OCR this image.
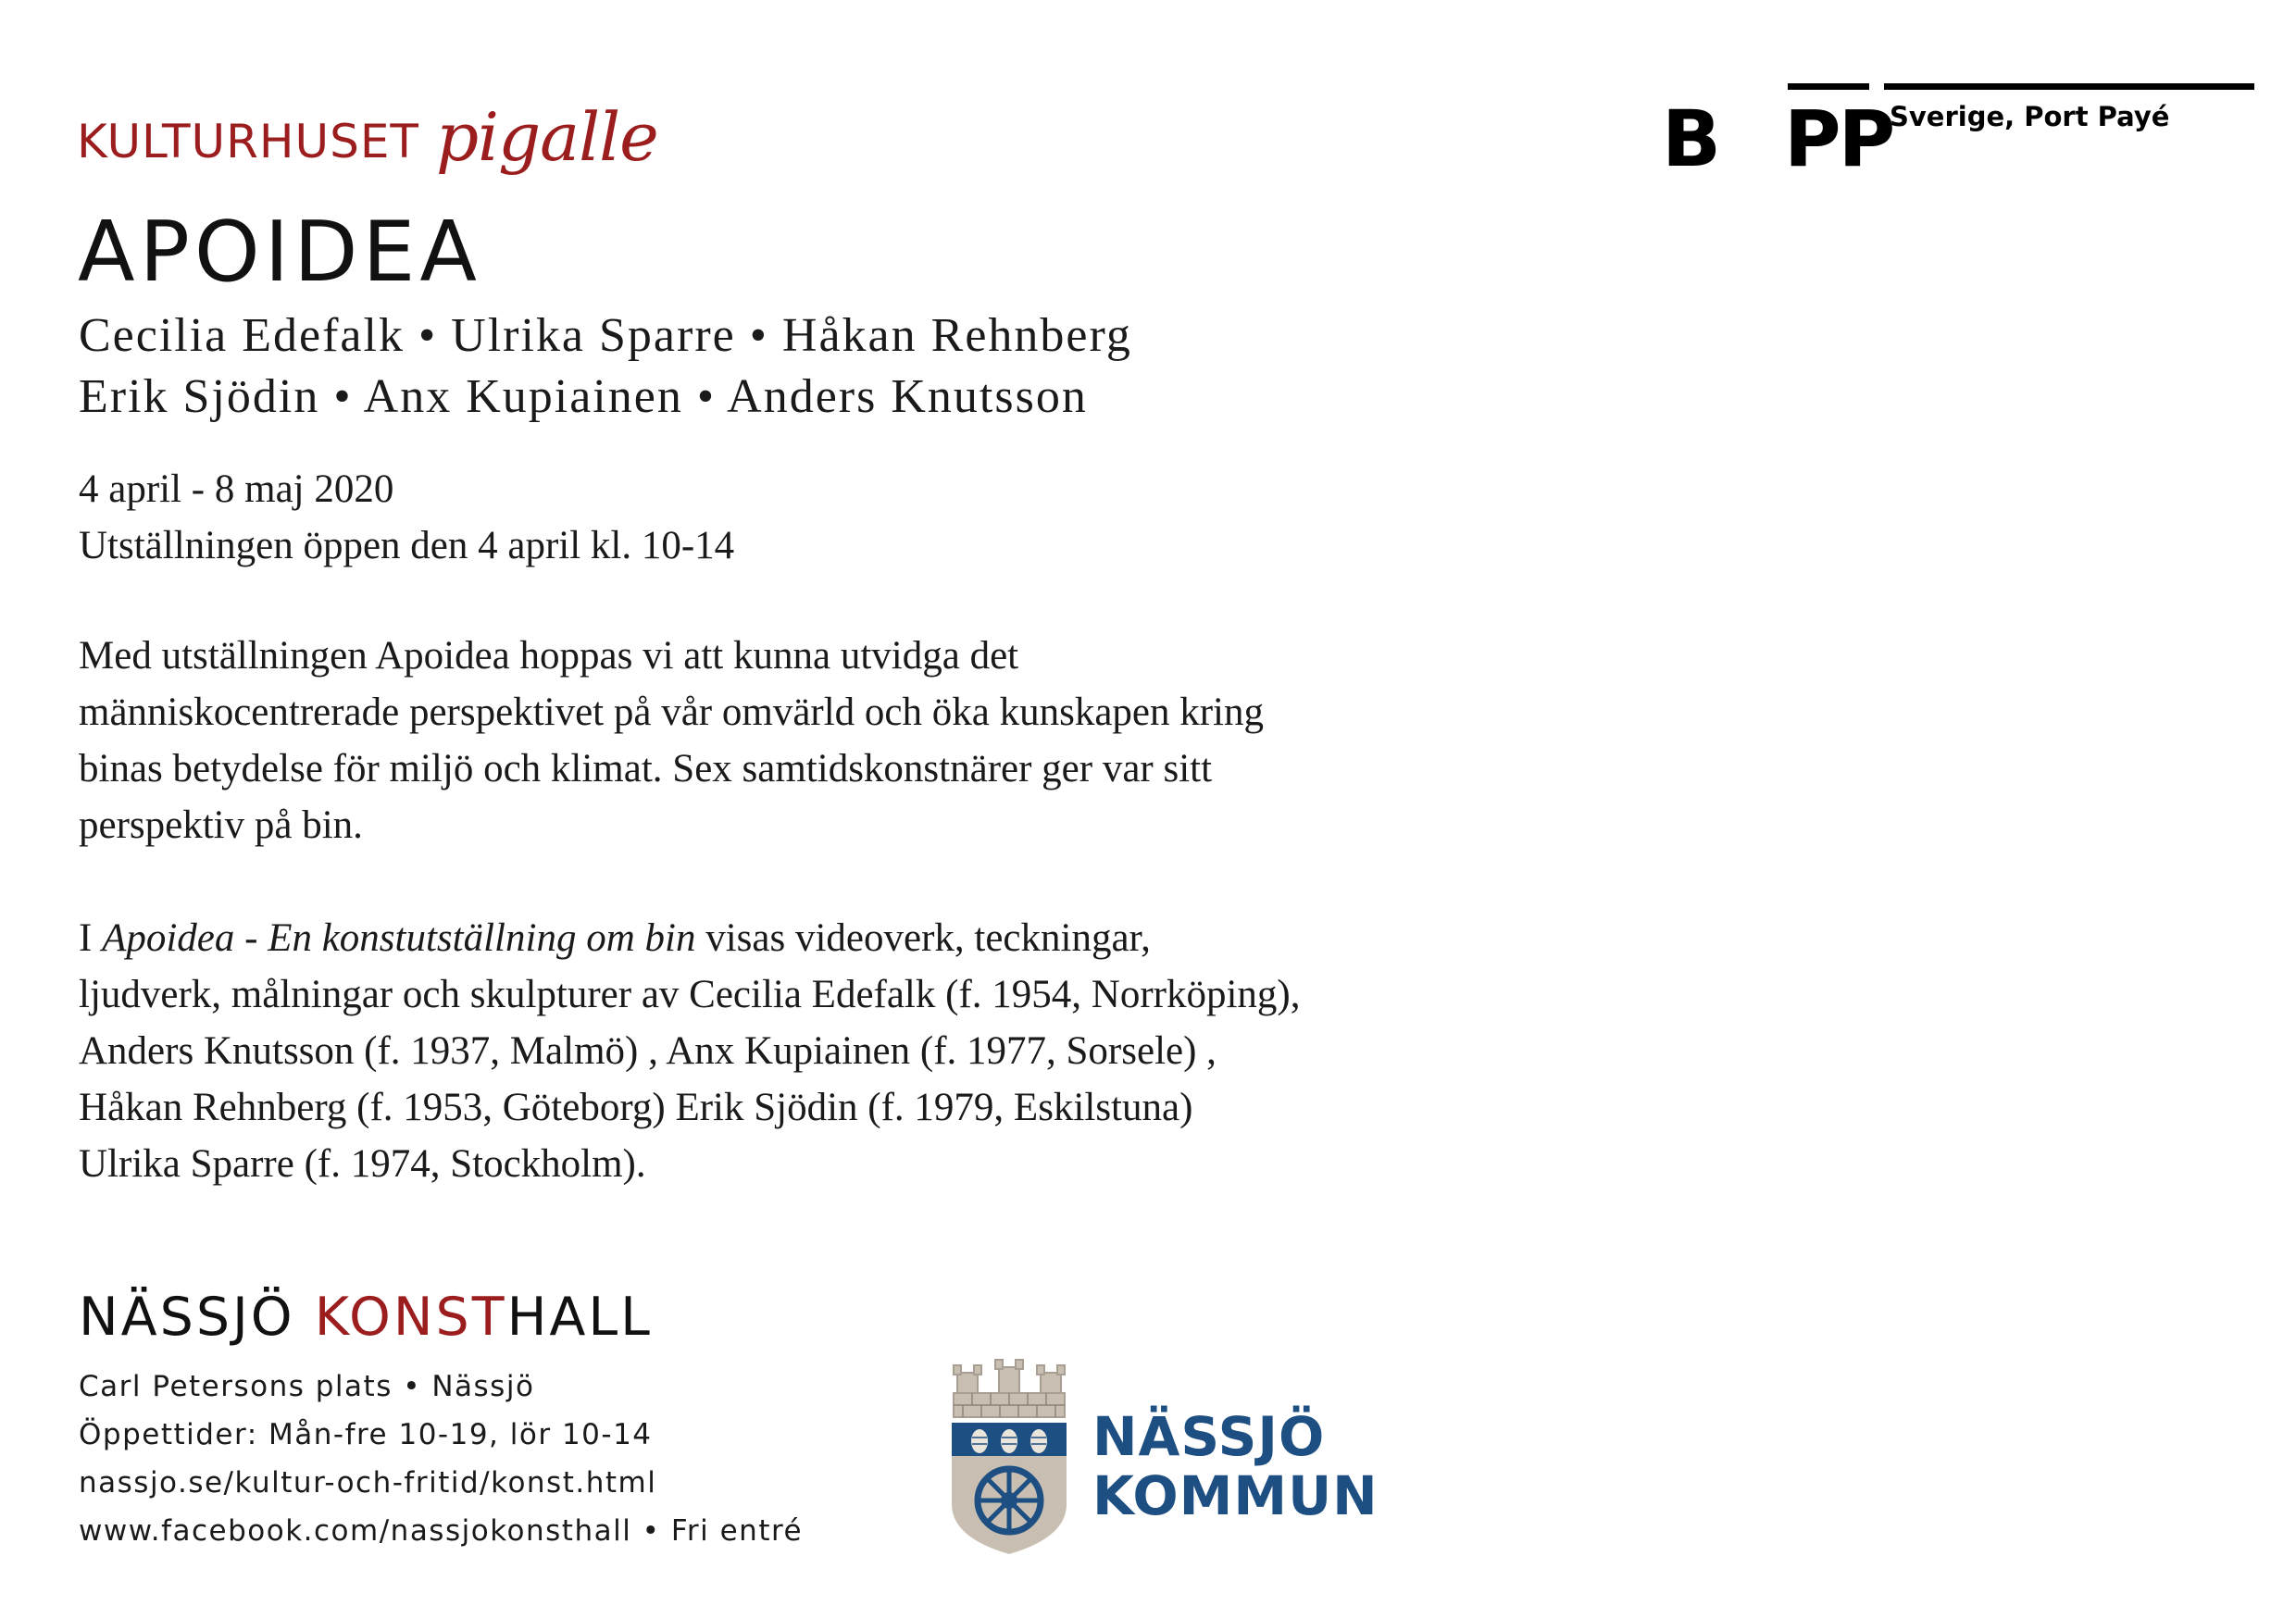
KULTURHUSET pigalle	B PP
Sverige, Port Payé
APOIDEA
Cecilia Edefalk • Ulrika Sparre • Håkan Rehnberg
Erik Sjödin • Anx Kupiainen • Anders Knutsson
4 april - 8 maj 2020
Utställningen öppen den 4 april kl. 10-14

Med utställningen Apoidea hoppas vi att kunna utvidga det människocentrerade perspektivet på vår omvärld och öka kunskapen kring binas betydelse för miljö och klimat. Sex samtidskonstnärer ger var sitt perspektiv på bin.

I Apoidea - En konstutställning om bin visas videoverk, teckningar, ljudverk, målningar och skulpturer av Cecilia Edefalk (f. 1954, Norrköping), Anders Knutsson (f. 1937, Malmö) , Anx Kupiainen (f. 1977, Sorsele) , Håkan Rehnberg (f. 1953, Göteborg) Erik Sjödin (f. 1979, Eskilstuna) Ulrika Sparre (f. 1974, Stockholm).

NÄSSJÖ KONSTHALL
Carl Petersons plats • Nässjö
Öppettider: Mån-fre 10-19, lör 10-14
nassjo.se/kultur-och-fritid/konst.html
www.facebook.com/nassjokonsthall • Fri entré
NÄSSJÖ
KOMMUN
